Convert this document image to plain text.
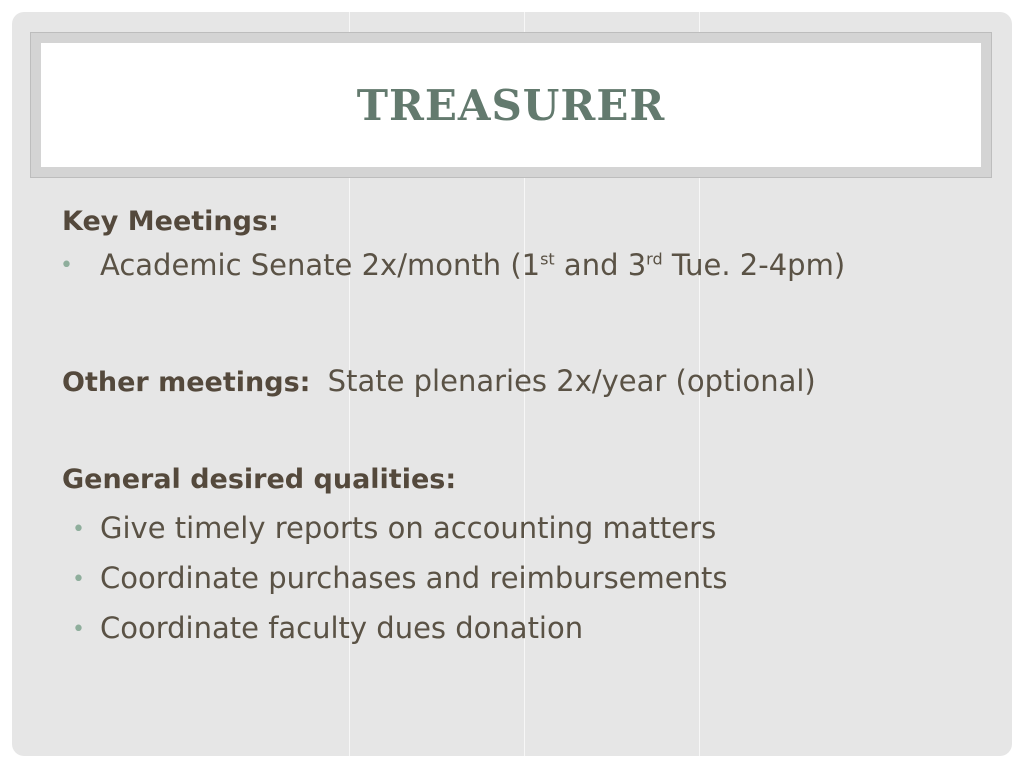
TREASURER
Key Meetings:
• Academic Senate 2x/month (1st and 3rd Tue. 2-4pm)
Other meetings: State plenaries 2x/year (optional)
General desired qualities:
• Give timely reports on accounting matters
• Coordinate purchases and reimbursements
• Coordinate faculty dues donation
